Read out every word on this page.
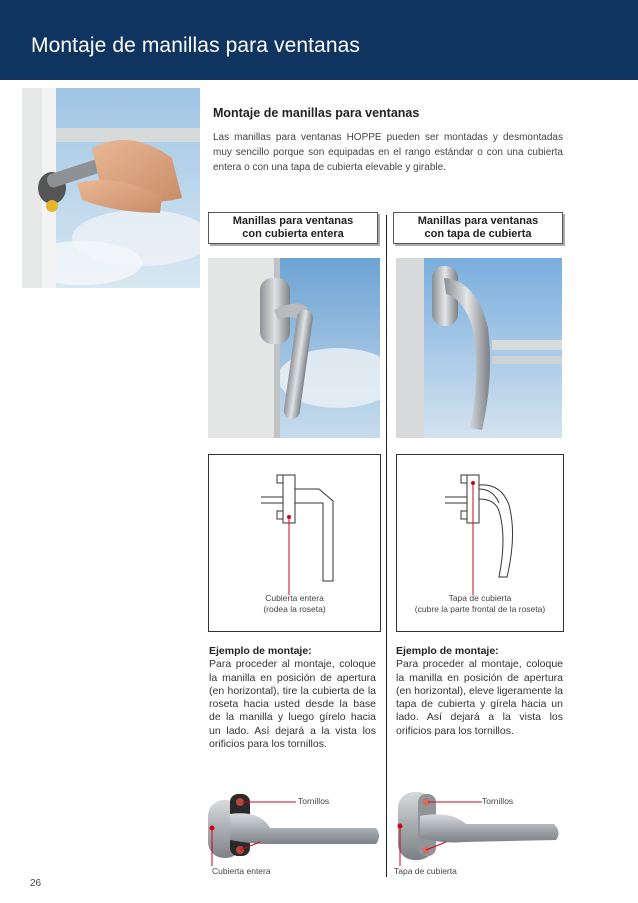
Montaje de manillas para ventanas
Montaje de manillas para ventanas
Las manillas para ventanas HOPPE pueden ser montadas y desmontadas muy sencillo porque son equipadas en el rango estándar o con una cubierta entera o con una tapa de cubierta elevable y girable.
Manillas para ventanas
con cubierta entera
Manillas para ventanas
con tapa de cubierta
Cubierta entera
(rodea la roseta)
Tapa de cubierta
(cubre la parte frontal de la roseta)
Ejemplo de montaje:
Para proceder al montaje, coloque la manilla en posición de apertura (en horizontal), tire la cubierta de la roseta hacia usted desde la base de la manilla y luego gírelo hacia un lado. Así dejará a la vista los orificios para los tornillos.
Ejemplo de montaje:
Para proceder al montaje, coloque la manilla en posición de apertura (en horizontal), eleve ligeramente la tapa de cubierta y gírela hacia un lado. Así dejará a la vista los orificios para los tornillos.
Tornillos
Cubierta entera
Tornillos
Tapa de cubierta
26
